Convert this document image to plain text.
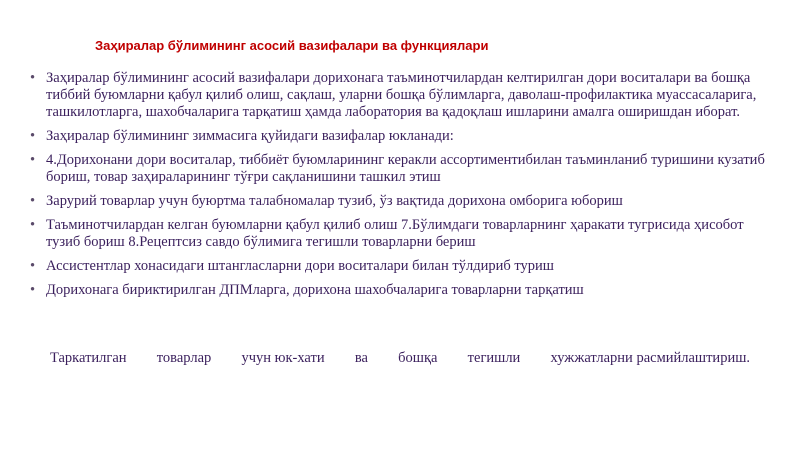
Заҳиралар бўлимининг асосий вазифалари ва функциялари
• Заҳиралар бўлимининг асосий вазифалари дорихонага таъминотчилардан келтирилган дори воситалари ва бошқа тиббий буюмларни қабул қилиб олиш, сақлаш, уларни бошқа бўлимларга, даволаш-профилактика муассасаларига, ташкилотларга, шахобчаларига тарқатиш ҳамда лаборатория ва қадоқлаш ишларини амалга оширишдан иборат.
• Заҳиралар бўлимининг зиммасига қуйидаги вазифалар юкланади:
• 4.Дорихонани дори воситалар, тиббиёт буюмларининг керакли ассортиментибилан таъминланиб туришини кузатиб бориш, товар заҳираларининг тўғри сақланишини ташкил этиш
• Зарурий товарлар учун буюртма талабномалар тузиб, ўз вақтида дорихона омборига юбориш
• Таъминотчилардан келган буюмларни қабул қилиб олиш 7.Бўлимдаги товарларнинг ҳаракати тугрисида ҳисобот тузиб бориш 8.Рецептсиз савдо бўлимига тегишли товарларни бериш
• Ассистентлар хонасидаги штангласларни дори воситалари билан тўлдириб туриш
• Дорихонага бириктирилган ДПМларга, дорихона шахобчаларига товарларни тарқатиш
Таркатилган товарлар учун юк-хати ва бошқа тегишли хужжатларни расмийлаштириш.
